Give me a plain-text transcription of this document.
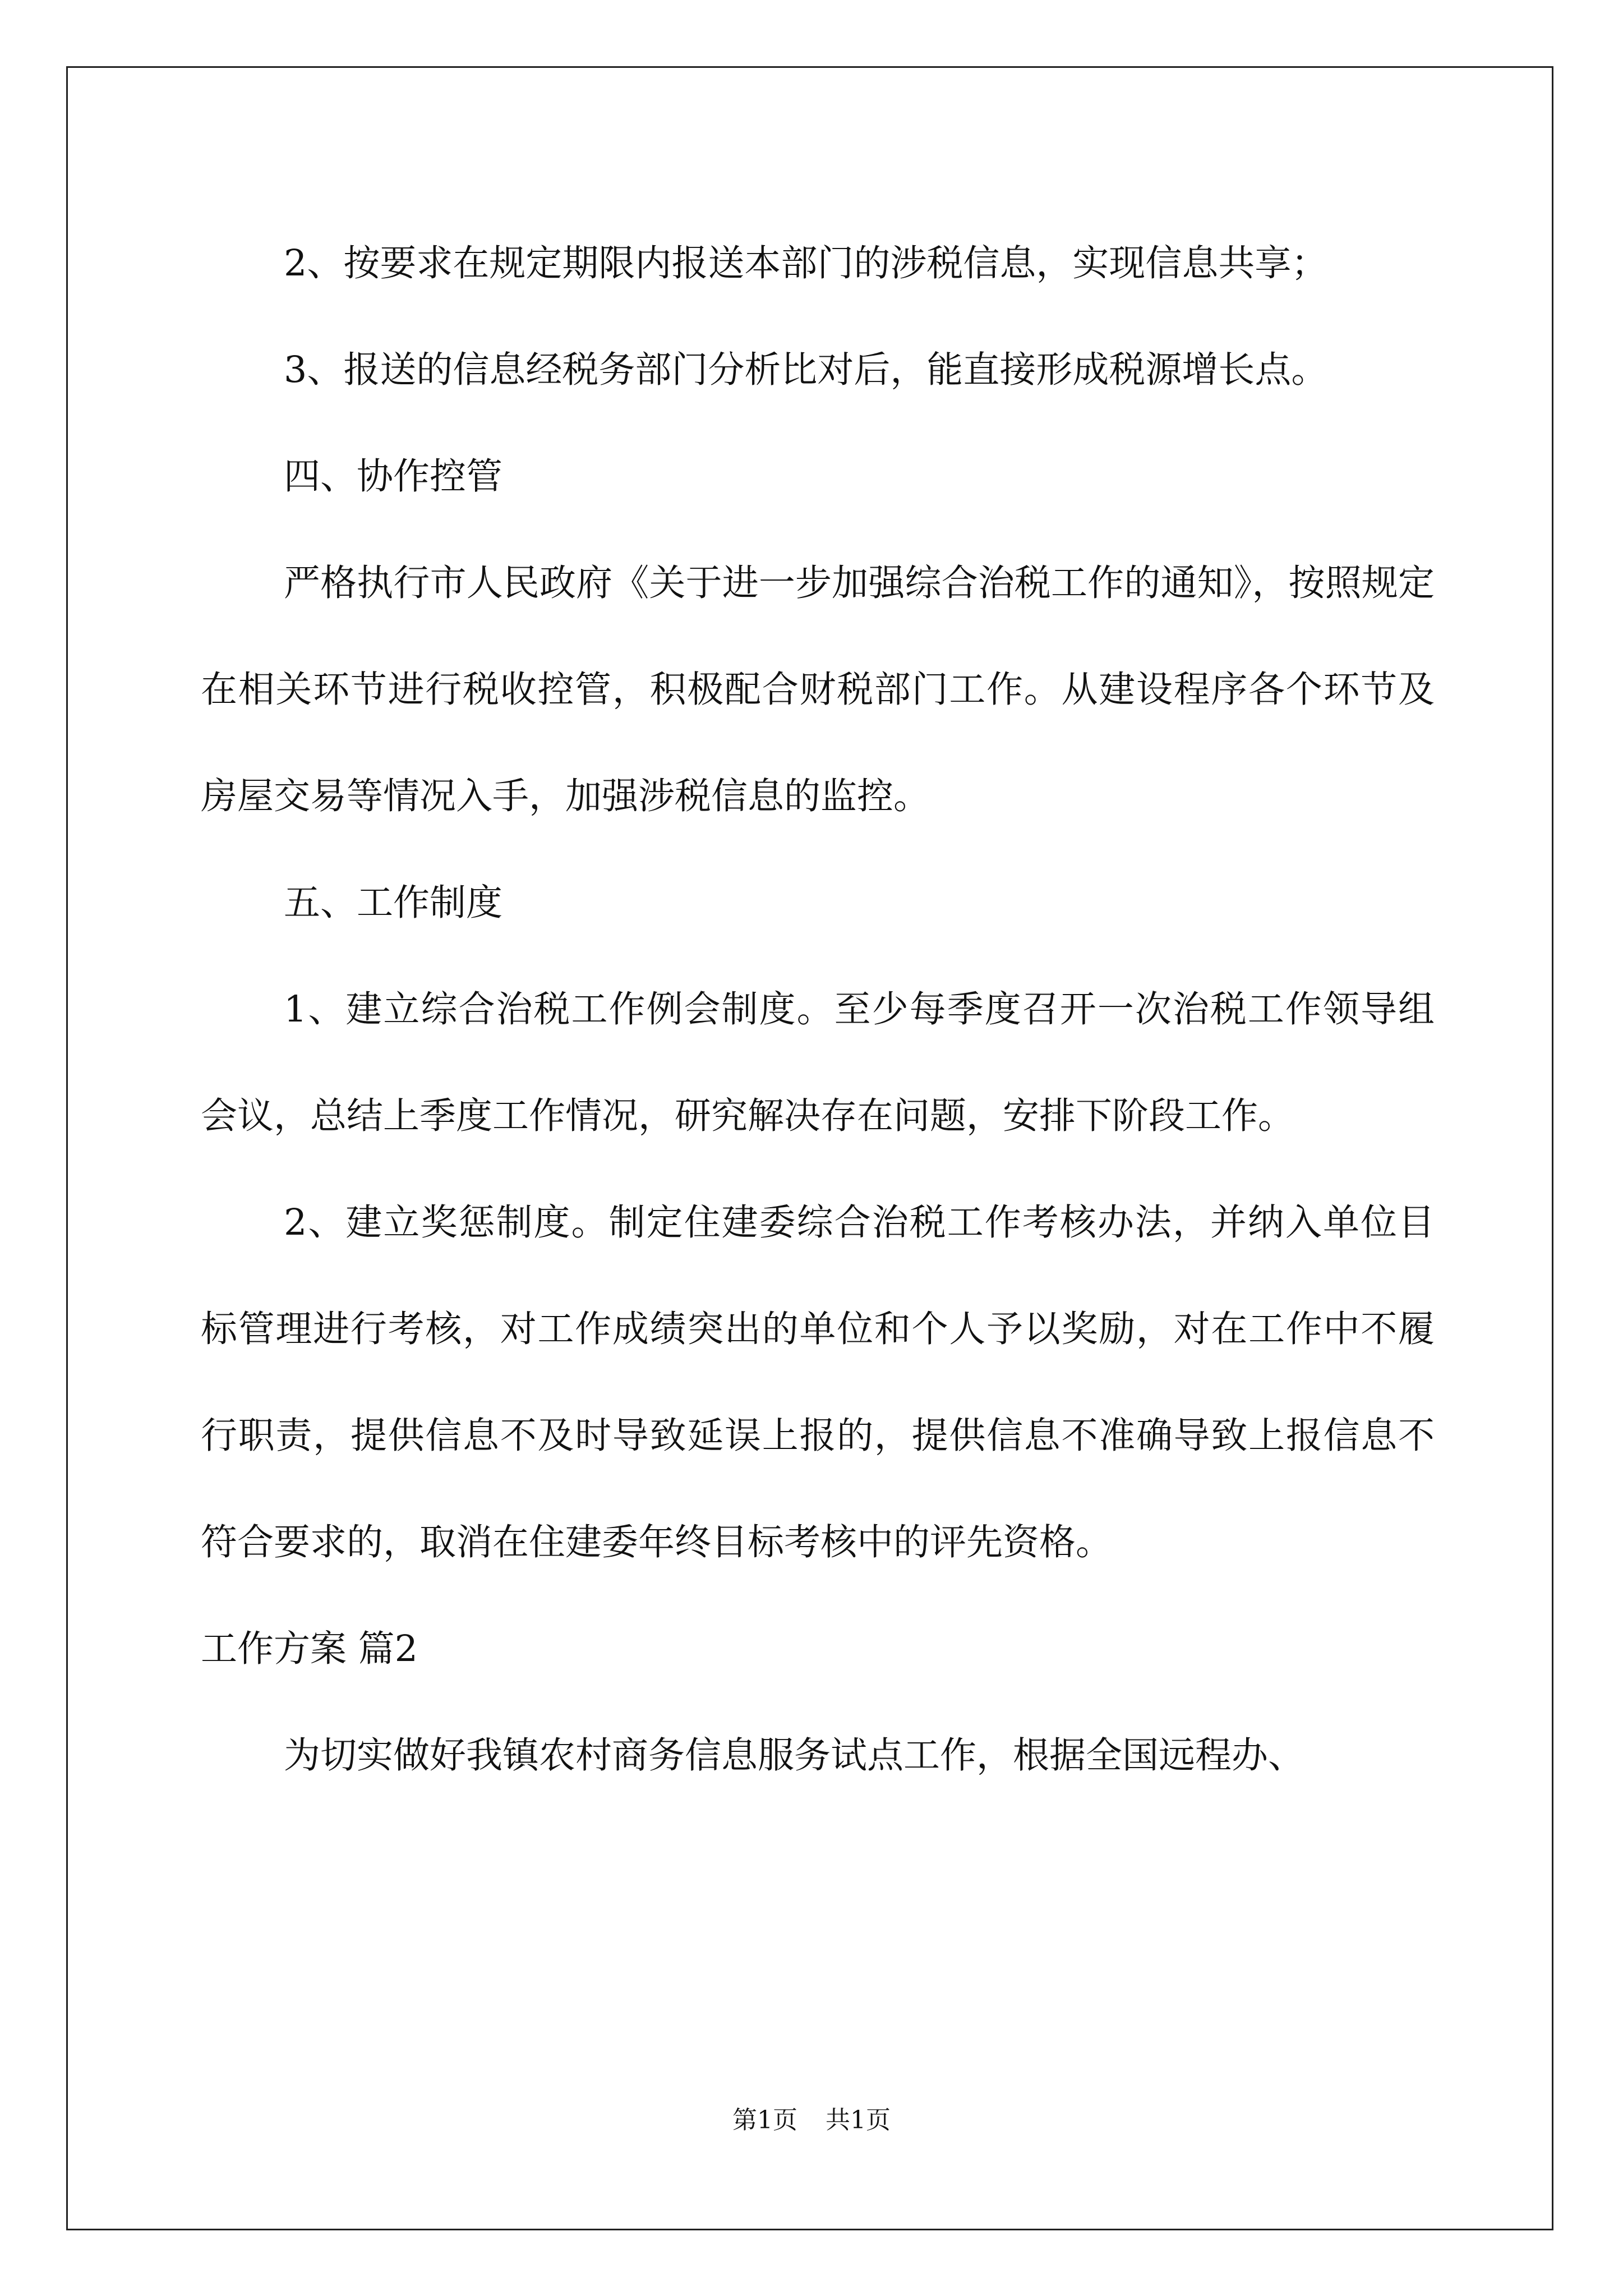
2、按要求在规定期限内报送本部门的涉税信息，实现信息共享；

3、报送的信息经税务部门分析比对后，能直接形成税源增长点。

四、协作控管

严格执行市人民政府《关于进一步加强综合治税工作的通知》，按照规定在相关环节进行税收控管，积极配合财税部门工作。从建设程序各个环节及房屋交易等情况入手，加强涉税信息的监控。

五、工作制度

1、建立综合治税工作例会制度。至少每季度召开一次治税工作领导组会议，总结上季度工作情况，研究解决存在问题，安排下阶段工作。

2、建立奖惩制度。制定住建委综合治税工作考核办法，并纳入单位目标管理进行考核，对工作成绩突出的单位和个人予以奖励，对在工作中不履行职责，提供信息不及时导致延误上报的，提供信息不准确导致上报信息不符合要求的，取消在住建委年终目标考核中的评先资格。

工作方案 篇2

为切实做好我镇农村商务信息服务试点工作，根据全国远程办、

第1页 共1页
